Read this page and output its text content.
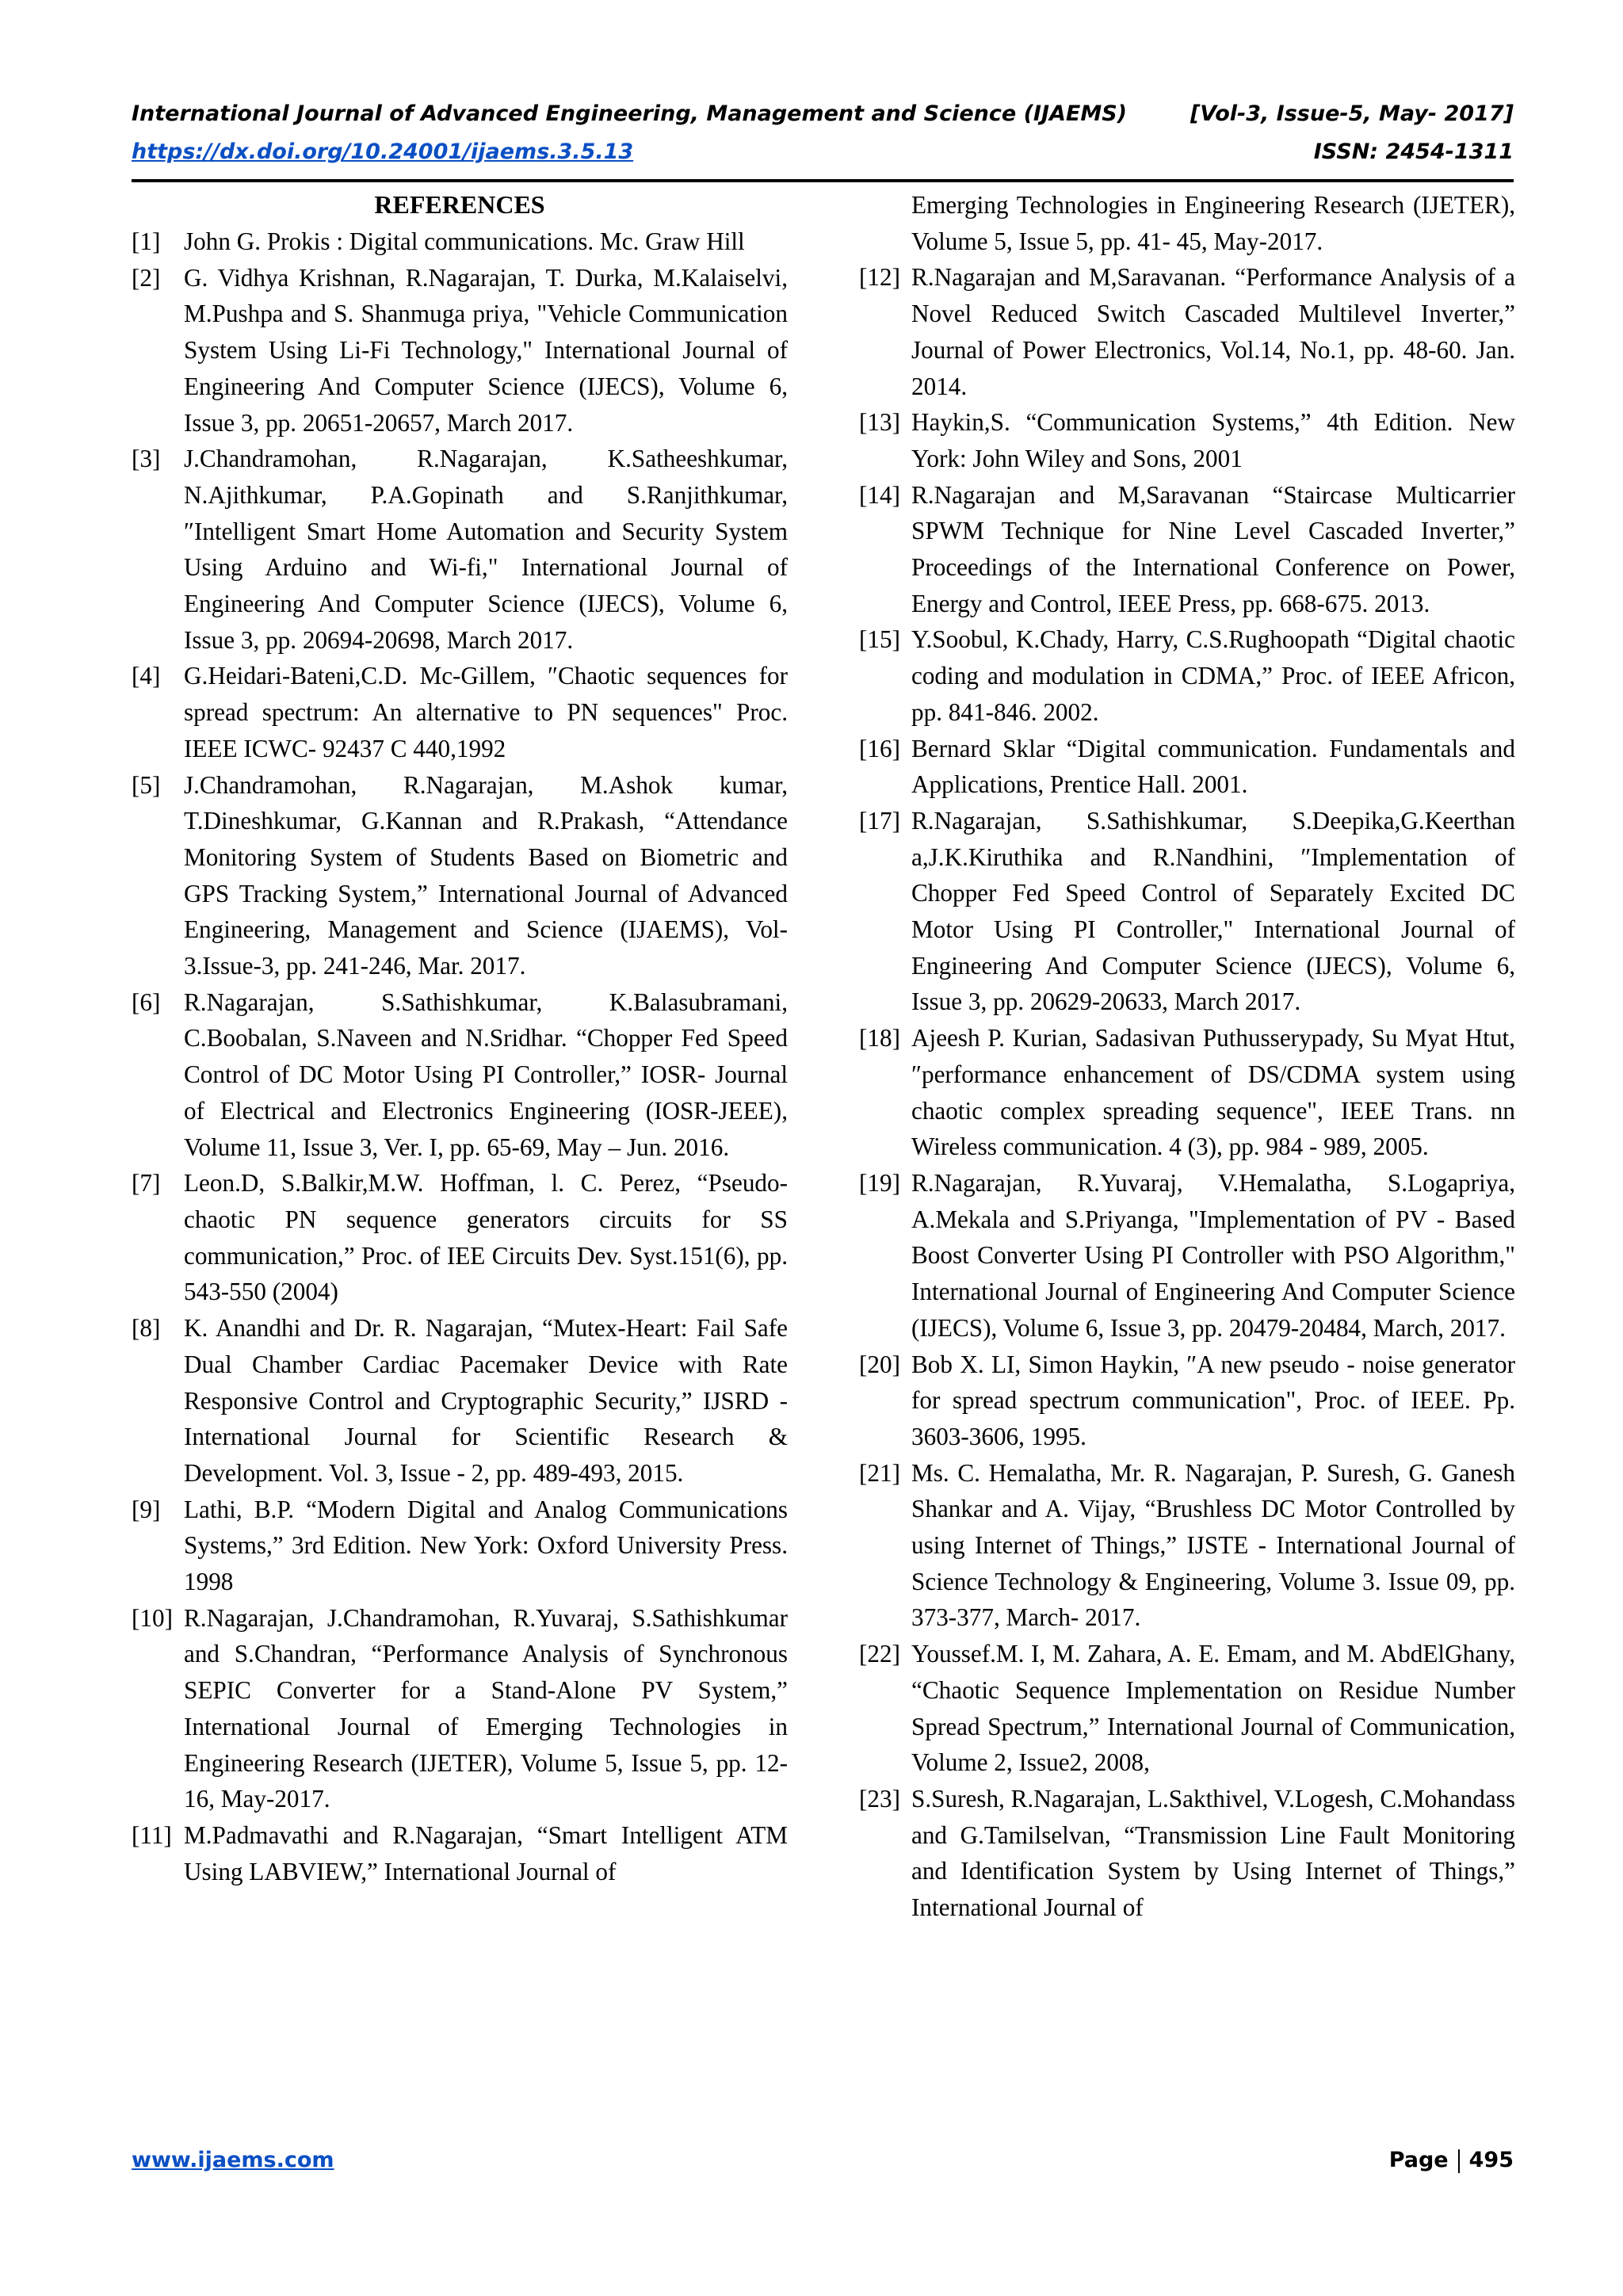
International Journal of Advanced Engineering, Management and Science (IJAEMS)	[Vol-3, Issue-5, May- 2017]
https://dx.doi.org/10.24001/ijaems.3.5.13	ISSN: 2454-1311

REFERENCES

[1] John G. Prokis : Digital communications. Mc. Graw Hill
[2] G. Vidhya Krishnan, R.Nagarajan, T. Durka, M.Kalaiselvi, M.Pushpa and S. Shanmuga priya, "Vehicle Communication System Using Li-Fi Technology," International Journal of Engineering And Computer Science (IJECS), Volume 6, Issue 3, pp. 20651-20657, March 2017.
[3] J.Chandramohan, R.Nagarajan, K.Satheeshkumar, N.Ajithkumar, P.A.Gopinath and S.Ranjithkumar, ″Intelligent Smart Home Automation and Security System Using Arduino and Wi-fi," International Journal of Engineering And Computer Science (IJECS), Volume 6, Issue 3, pp. 20694-20698, March 2017.
[4] G.Heidari-Bateni,C.D. Mc-Gillem, ″Chaotic sequences for spread spectrum: An alternative to PN sequences" Proc. IEEE ICWC- 92437 C 440,1992
[5] J.Chandramohan, R.Nagarajan, M.Ashok kumar, T.Dineshkumar, G.Kannan and R.Prakash, “Attendance Monitoring System of Students Based on Biometric and GPS Tracking System,” International Journal of Advanced Engineering, Management and Science (IJAEMS), Vol-3.Issue-3, pp. 241-246, Mar. 2017.
[6] R.Nagarajan, S.Sathishkumar, K.Balasubramani, C.Boobalan, S.Naveen and N.Sridhar. “Chopper Fed Speed Control of DC Motor Using PI Controller,” IOSR- Journal of Electrical and Electronics Engineering (IOSR-JEEE), Volume 11, Issue 3, Ver. I, pp. 65-69, May – Jun. 2016.
[7] Leon.D, S.Balkir,M.W. Hoffman, l. C. Perez, “Pseudo-chaotic PN sequence generators circuits for SS communication,” Proc. of IEE Circuits Dev. Syst.151(6), pp. 543-550 (2004)
[8] K. Anandhi and Dr. R. Nagarajan, “Mutex-Heart: Fail Safe Dual Chamber Cardiac Pacemaker Device with Rate Responsive Control and Cryptographic Security,” IJSRD - International Journal for Scientific Research & Development. Vol. 3, Issue - 2, pp. 489-493, 2015.
[9] Lathi, B.P. “Modern Digital and Analog Communications Systems,” 3rd Edition. New York: Oxford University Press. 1998
[10] R.Nagarajan, J.Chandramohan, R.Yuvaraj, S.Sathishkumar and S.Chandran, “Performance Analysis of Synchronous SEPIC Converter for a Stand-Alone PV System,” International Journal of Emerging Technologies in Engineering Research (IJETER), Volume 5, Issue 5, pp. 12-16, May-2017.
[11] M.Padmavathi and R.Nagarajan, “Smart Intelligent ATM Using LABVIEW,” International Journal of
Emerging Technologies in Engineering Research (IJETER), Volume 5, Issue 5, pp. 41- 45, May-2017.
[12] R.Nagarajan and M,Saravanan. “Performance Analysis of a Novel Reduced Switch Cascaded Multilevel Inverter,” Journal of Power Electronics, Vol.14, No.1, pp. 48-60. Jan. 2014.
[13] Haykin,S. “Communication Systems,” 4th Edition. New York: John Wiley and Sons, 2001
[14] R.Nagarajan and M,Saravanan “Staircase Multicarrier SPWM Technique for Nine Level Cascaded Inverter,” Proceedings of the International Conference on Power, Energy and Control, IEEE Press, pp. 668-675. 2013.
[15] Y.Soobul, K.Chady, Harry, C.S.Rughoopath “Digital chaotic coding and modulation in CDMA,” Proc. of IEEE Africon, pp. 841-846. 2002.
[16] Bernard Sklar “Digital communication. Fundamentals and Applications, Prentice Hall. 2001.
[17] R.Nagarajan, S.Sathishkumar, S.Deepika,G.Keerthan a,J.K.Kiruthika and R.Nandhini, ″Implementation of Chopper Fed Speed Control of Separately Excited DC Motor Using PI Controller," International Journal of Engineering And Computer Science (IJECS), Volume 6, Issue 3, pp. 20629-20633, March 2017.
[18] Ajeesh P. Kurian, Sadasivan Puthusserypady, Su Myat Htut, ″performance enhancement of DS/CDMA system using chaotic complex spreading sequence", IEEE Trans. nn Wireless communication. 4 (3), pp. 984 - 989, 2005.
[19] R.Nagarajan, R.Yuvaraj, V.Hemalatha, S.Logapriya, A.Mekala and S.Priyanga, "Implementation of PV - Based Boost Converter Using PI Controller with PSO Algorithm," International Journal of Engineering And Computer Science (IJECS), Volume 6, Issue 3, pp. 20479-20484, March, 2017.
[20] Bob X. LI, Simon Haykin, ″A new pseudo - noise generator for spread spectrum communication", Proc. of IEEE. Pp. 3603-3606, 1995.
[21] Ms. C. Hemalatha, Mr. R. Nagarajan, P. Suresh, G. Ganesh Shankar and A. Vijay, “Brushless DC Motor Controlled by using Internet of Things,” IJSTE - International Journal of Science Technology & Engineering, Volume 3. Issue 09, pp. 373-377, March- 2017.
[22] Youssef.M. I, M. Zahara, A. E. Emam, and M. AbdElGhany, “Chaotic Sequence Implementation on Residue Number Spread Spectrum,” International Journal of Communication, Volume 2, Issue2, 2008,
[23] S.Suresh, R.Nagarajan, L.Sakthivel, V.Logesh, C.Mohandass and G.Tamilselvan, “Transmission Line Fault Monitoring and Identification System by Using Internet of Things,” International Journal of
www.ijaems.com	Page 495
